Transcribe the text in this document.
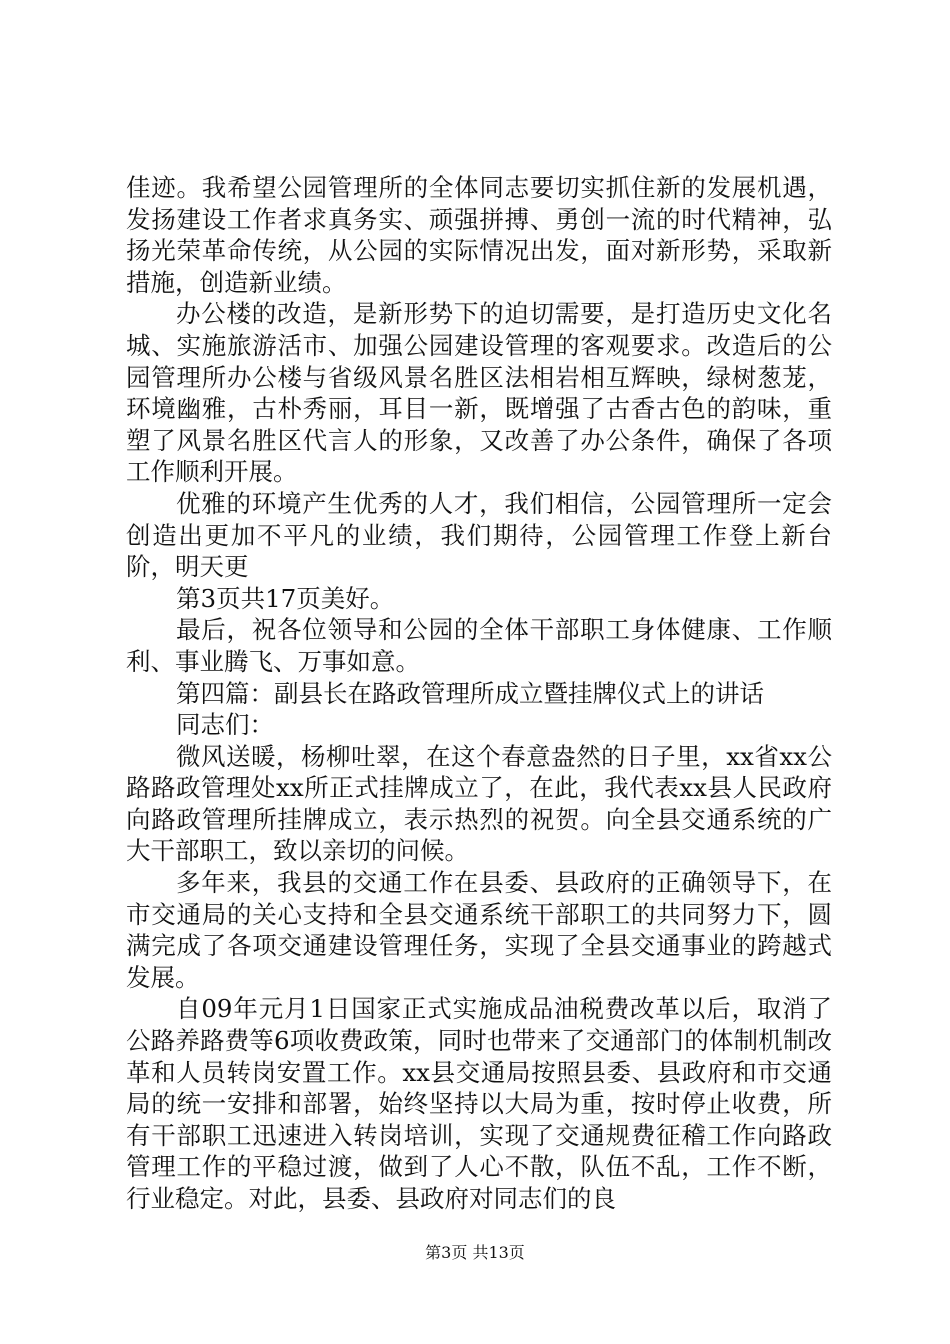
佳迹。我希望公园管理所的全体同志要切实抓住新的发展机遇，发扬建设工作者求真务实、顽强拼搏、勇创一流的时代精神，弘扬光荣革命传统，从公园的实际情况出发，面对新形势，采取新措施，创造新业绩。

办公楼的改造，是新形势下的迫切需要，是打造历史文化名城、实施旅游活市、加强公园建设管理的客观要求。改造后的公园管理所办公楼与省级风景名胜区法相岩相互辉映，绿树葱茏，环境幽雅，古朴秀丽，耳目一新，既增强了古香古色的韵味，重塑了风景名胜区代言人的形象，又改善了办公条件，确保了各项工作顺利开展。

优雅的环境产生优秀的人才，我们相信，公园管理所一定会创造出更加不平凡的业绩，我们期待，公园管理工作登上新台阶，明天更

第3页共17页美好。

最后，祝各位领导和公园的全体干部职工身体健康、工作顺利、事业腾飞、万事如意。

第四篇：副县长在路政管理所成立暨挂牌仪式上的讲话

同志们：

微风送暖，杨柳吐翠，在这个春意盎然的日子里，xx省xx公路路政管理处xx所正式挂牌成立了，在此，我代表xx县人民政府向路政管理所挂牌成立，表示热烈的祝贺。向全县交通系统的广大干部职工，致以亲切的问候。

多年来，我县的交通工作在县委、县政府的正确领导下，在市交通局的关心支持和全县交通系统干部职工的共同努力下，圆满完成了各项交通建设管理任务，实现了全县交通事业的跨越式发展。

自09年元月1日国家正式实施成品油税费改革以后，取消了公路养路费等6项收费政策，同时也带来了交通部门的体制机制改革和人员转岗安置工作。xx县交通局按照县委、县政府和市交通局的统一安排和部署，始终坚持以大局为重，按时停止收费，所有干部职工迅速进入转岗培训，实现了交通规费征稽工作向路政管理工作的平稳过渡，做到了人心不散，队伍不乱，工作不断，行业稳定。对此，县委、县政府对同志们的良

第3页 共13页
